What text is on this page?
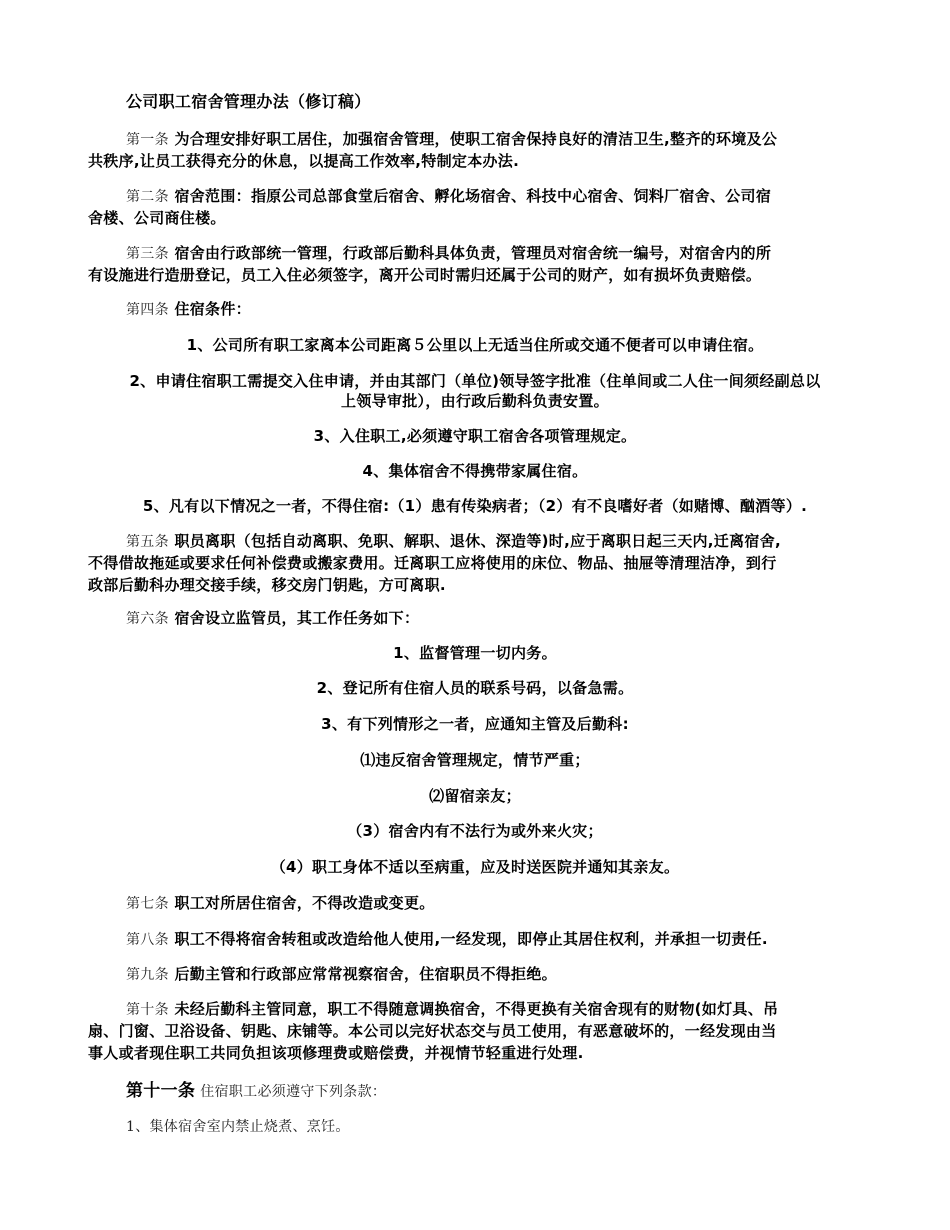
公司职工宿舍管理办法（修订稿）
第一条 为合理安排好职工居住，加强宿舍管理，使职工宿舍保持良好的清洁卫生,整齐的环境及公
共秩序,让员工获得充分的休息，以提高工作效率,特制定本办法.
第二条 宿舍范围：指原公司总部食堂后宿舍、孵化场宿舍、科技中心宿舍、饲料厂宿舍、公司宿
舍楼、公司商住楼。
第三条 宿舍由行政部统一管理，行政部后勤科具体负责，管理员对宿舍统一编号，对宿舍内的所
有设施进行造册登记，员工入住必须签字，离开公司时需归还属于公司的财产，如有损坏负责赔偿。
第四条 住宿条件：
1、公司所有职工家离本公司距离５公里以上无适当住所或交通不便者可以申请住宿。
2、申请住宿职工需提交入住申请，并由其部门（单位)领导签字批准（住单间或二人住一间须经副总以
上领导审批），由行政后勤科负责安置。
3、入住职工,必须遵守职工宿舍各项管理规定。
4、集体宿舍不得携带家属住宿。
5、凡有以下情况之一者，不得住宿:（1）患有传染病者；（2）有不良嗜好者（如赌博、酗酒等）.
第五条 职员离职（包括自动离职、免职、解职、退休、深造等)时,应于离职日起三天内,迁离宿舍,
不得借故拖延或要求任何补偿费或搬家费用。迁离职工应将使用的床位、物品、抽屉等清理洁净，到行
政部后勤科办理交接手续，移交房门钥匙，方可离职.
第六条 宿舍设立监管员，其工作任务如下：
1、监督管理一切内务。
2、登记所有住宿人员的联系号码，以备急需。
3、有下列情形之一者，应通知主管及后勤科:
⑴违反宿舍管理规定，情节严重；
⑵留宿亲友；
（3）宿舍内有不法行为或外来火灾；
（4）职工身体不适以至病重，应及时送医院并通知其亲友。
第七条 职工对所居住宿舍，不得改造或变更。
第八条 职工不得将宿舍转租或改造给他人使用,一经发现，即停止其居住权利，并承担一切责任.
第九条 后勤主管和行政部应常常视察宿舍，住宿职员不得拒绝。
第十条 未经后勤科主管同意，职工不得随意调换宿舍，不得更换有关宿舍现有的财物(如灯具、吊
扇、门窗、卫浴设备、钥匙、床铺等。本公司以完好状态交与员工使用，有恶意破坏的，一经发现由当
事人或者现住职工共同负担该项修理费或赔偿费，并视情节轻重进行处理.
第十一条 住宿职工必须遵守下列条款：
1、集体宿舍室内禁止烧煮、烹饪。
